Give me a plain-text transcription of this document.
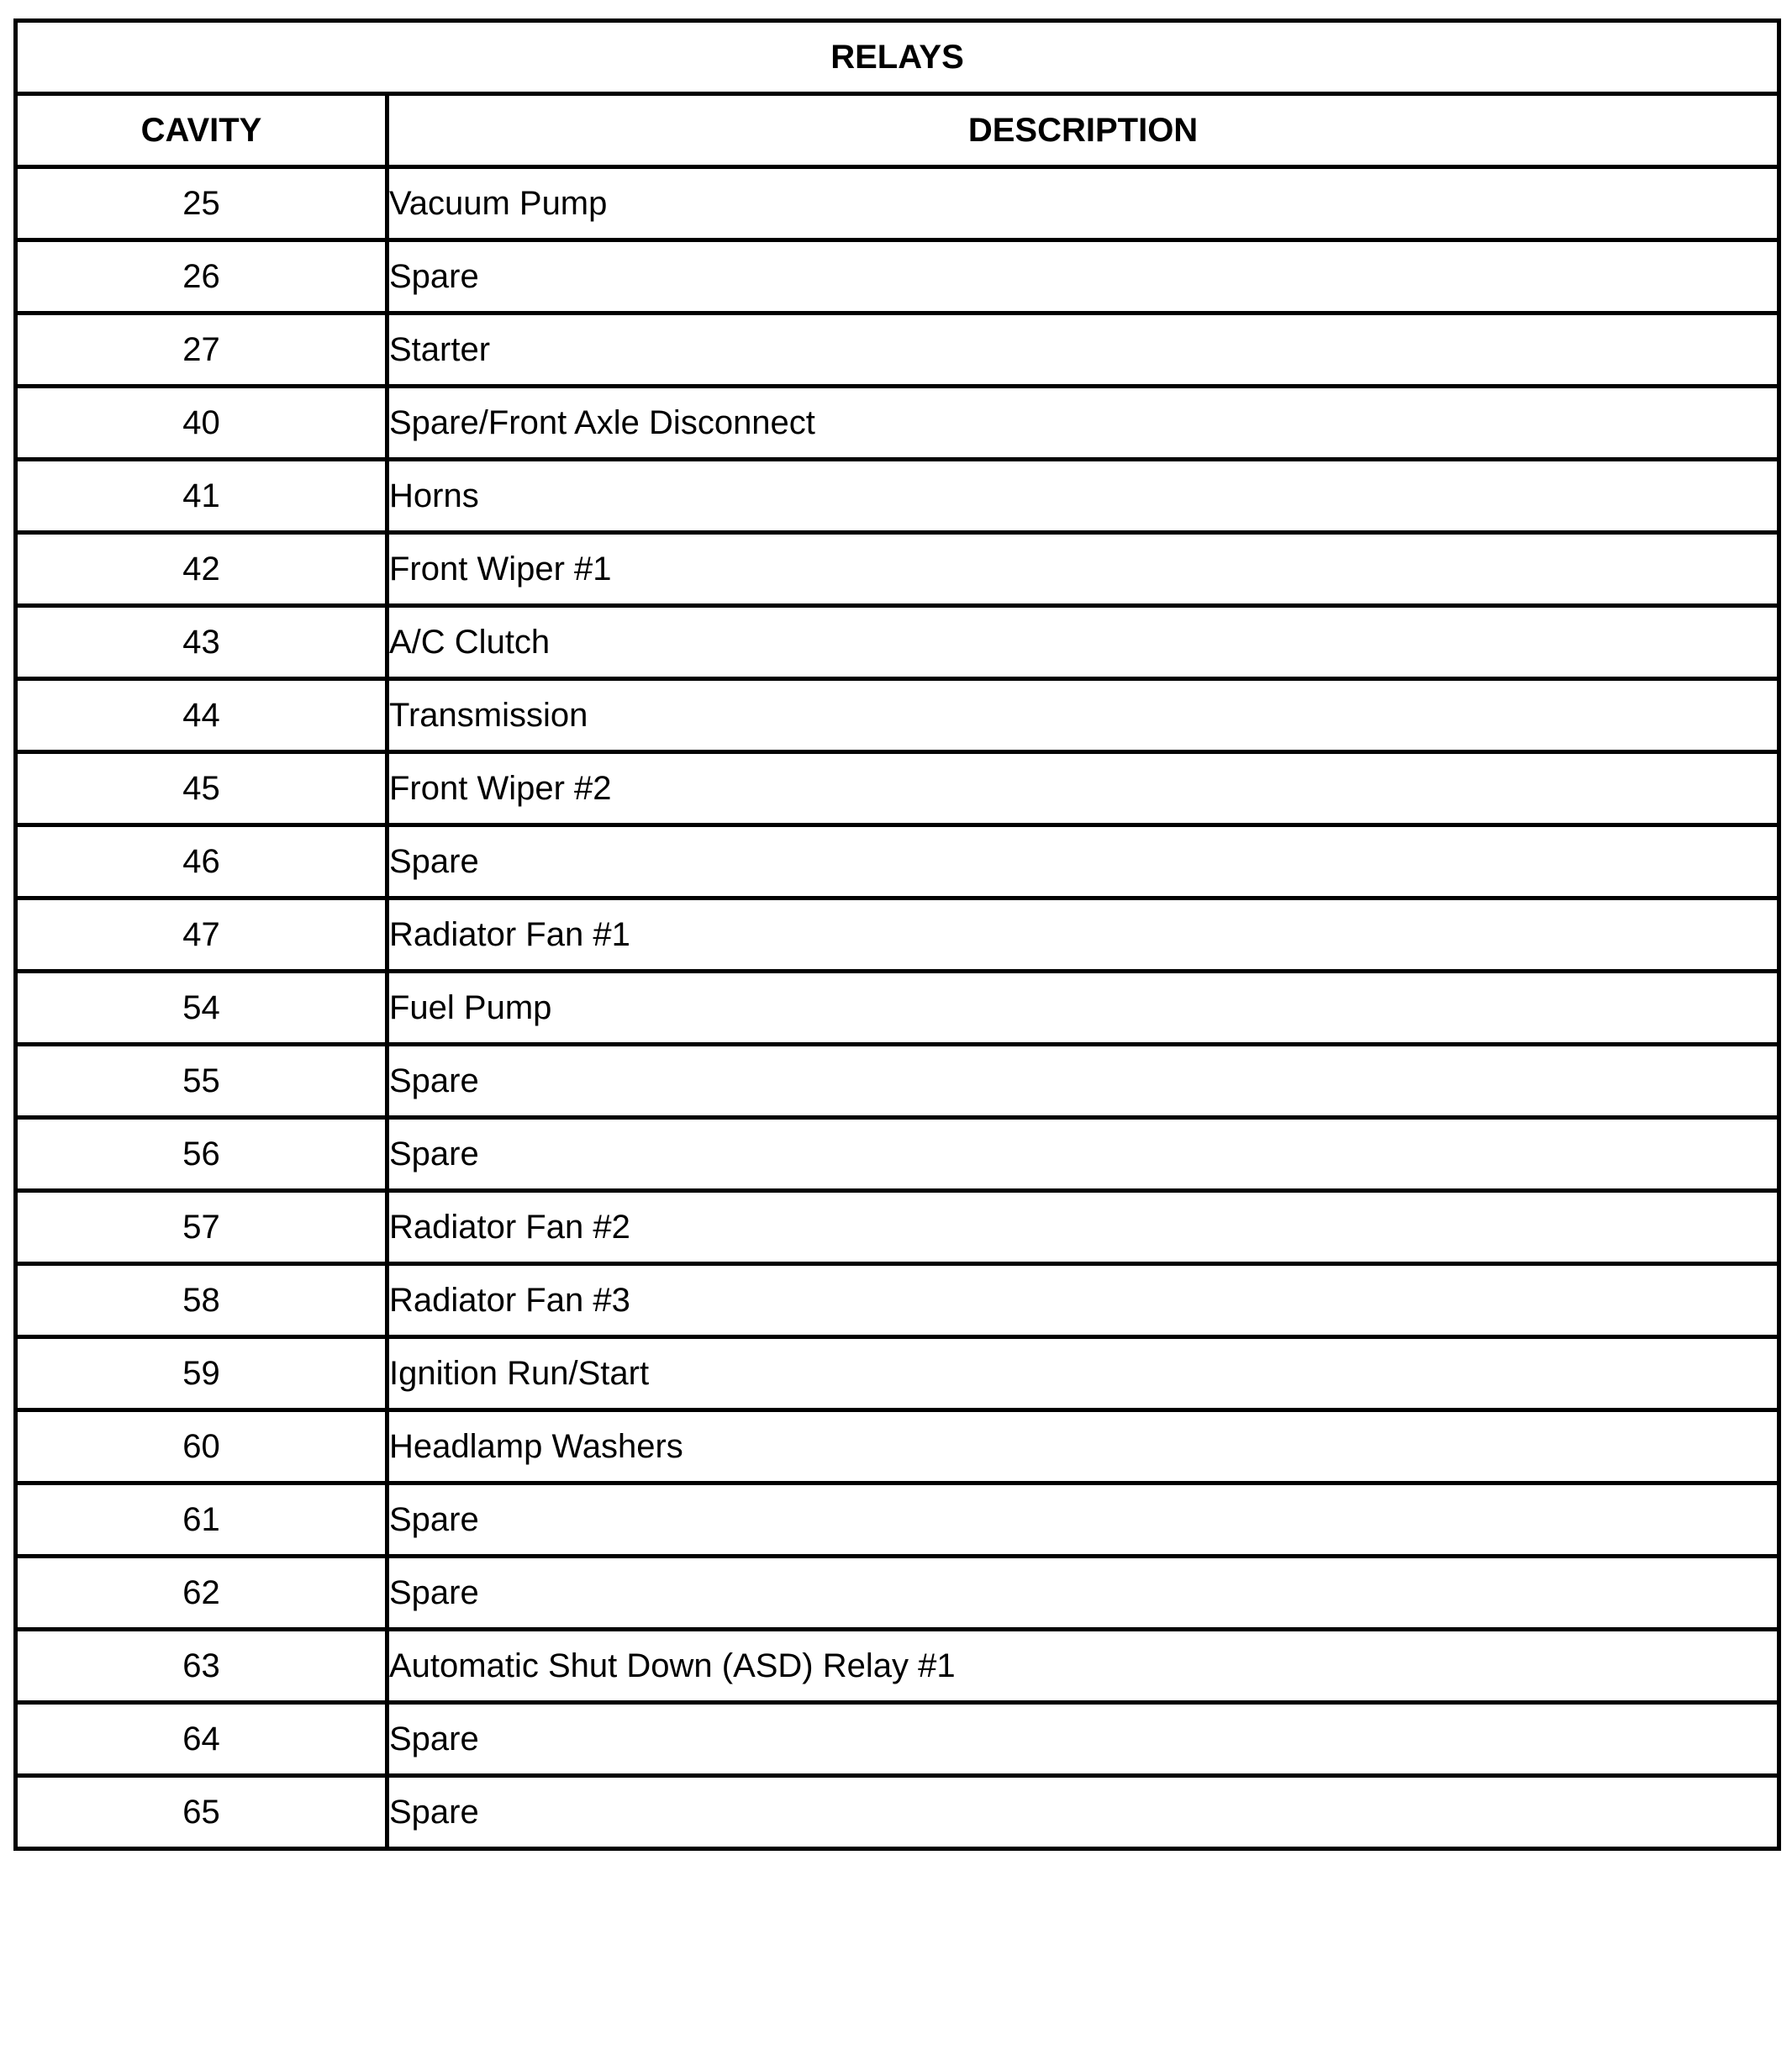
RELAYS	
CAVITY	DESCRIPTION
25	Vacuum Pump
26	Spare
27	Starter
40	Spare/Front Axle Disconnect
41	Horns
42	Front Wiper #1
43	A/C Clutch
44	Transmission
45	Front Wiper #2
46	Spare
47	Radiator Fan #1
54	Fuel Pump
55	Spare
56	Spare
57	Radiator Fan #2
58	Radiator Fan #3
59	Ignition Run/Start
60	Headlamp Washers
61	Spare
62	Spare
63	Automatic Shut Down (ASD) Relay #1
64	Spare
65	Spare
